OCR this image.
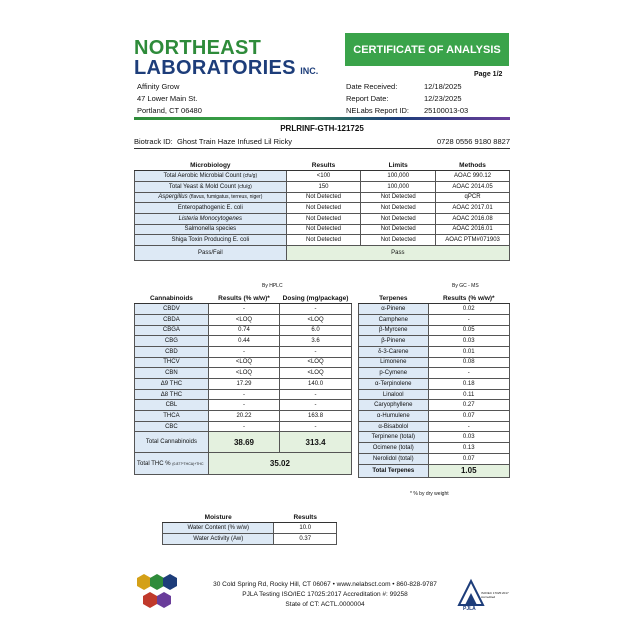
NORTHEAST
LABORATORIES INC.
CERTIFICATE OF ANALYSIS
Page 1/2
Affinity Grow
47 Lower Main St.
Portland, CT 06480
Date Received:	12/18/2025
Report Date:	12/23/2025
NELabs Report ID:	25100013-03
PRLRINF-GTH-121725
Biotrack ID: Ghost Train Haze Infused Lil Ricky	0728 0556 9180 8827
Microbiology	Results	Limits	Methods
Total Aerobic Microbial Count (cfu/g)	<100	100,000	AOAC 990.12
Total Yeast & Mold Count (cfu/g)	150	100,000	AOAC 2014.05
Aspergillus (flavus, fumigatus, terreus, niger)	Not Detected	Not Detected	qPCR
Enteropathogenic E. coli	Not Detected	Not Detected	AOAC 2017.01
Listeria Monocytogenes	Not Detected	Not Detected	AOAC 2016.08
Salmonella species	Not Detected	Not Detected	AOAC 2016.01
Shiga Toxin Producing E. coli	Not Detected	Not Detected	AOAC PTM#071903
Pass/Fail	Pass		
By HPLC	By GC - MS
Cannabinoids	Results (% w/w)*	Dosing (mg/package)
CBDV	-	-
CBDA	<LOQ	<LOQ
CBGA	0.74	6.0
CBG	0.44	3.6
CBD	-	-
THCV	<LOQ	<LOQ
CBN	<LOQ	<LOQ
Δ9 THC	17.29	140.0
Δ8 THC	-	-
CBL	-	-
THCA	20.22	163.8
CBC	-	-
Total Cannabinoids	38.69	313.4
Total THC % (0.877*THCA)+THC	35.02	
Terpenes	Results (% w/w)*
α-Pinene	0.02
Camphene	-
β-Myrcene	0.05
β-Pinene	0.03
δ-3-Carene	0.01
Limonene	0.08
p-Cymene	-
α-Terpinolene	0.18
Linalool	0.11
Caryophyllene	0.27
α-Humulene	0.07
α-Bisabolol	-
Terpinene (total)	0.03
Ocimene (total)	0.13
Nerolidol (total)	0.07
Total Terpenes	1.05
* % by dry weight
Moisture	Results
Water Content (% w/w)	10.0
Water Activity (Aw)	0.37
30 Cold Spring Rd, Rocky Hill, CT 06067 • www.nelabsct.com • 860-828-9787
PJLA Testing ISO/IEC 17025:2017 Accreditation #: 99258
State of CT: ACTL.0000004
ISO/IEC 17025:2017 Accredited
PJLA
